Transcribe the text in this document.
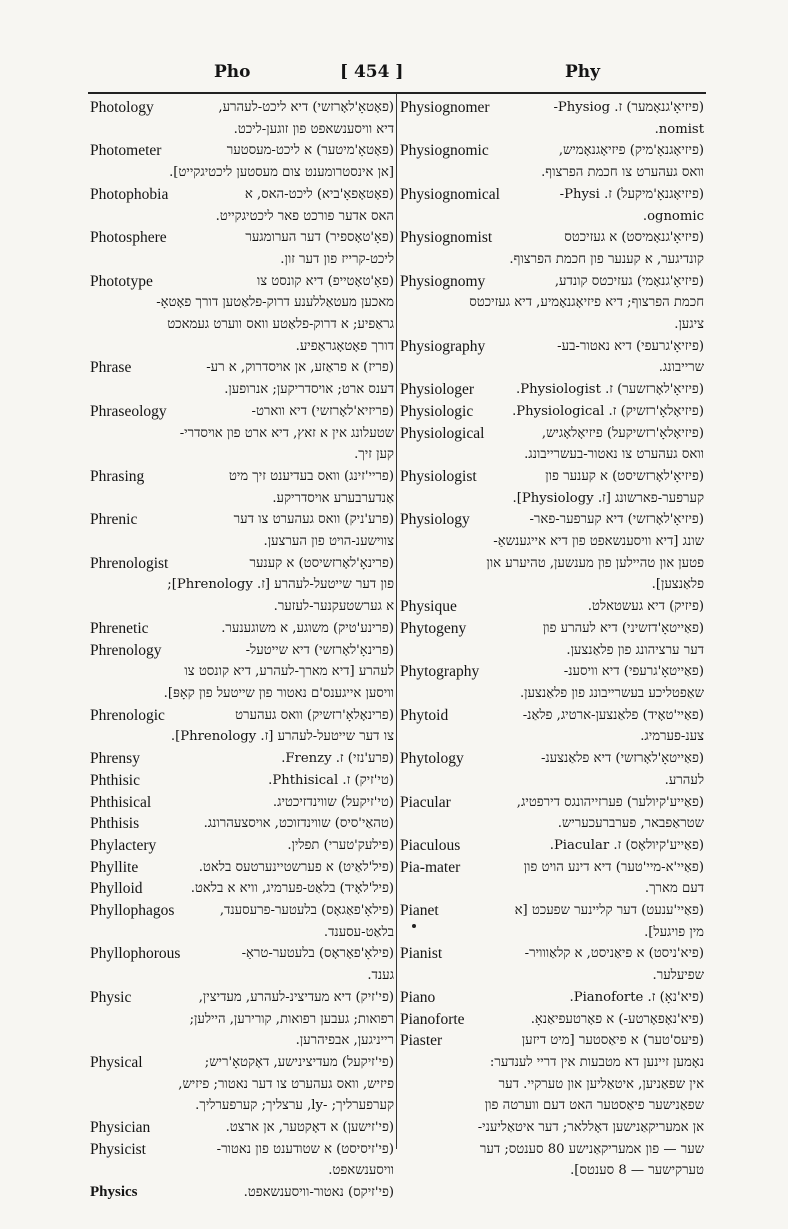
Pho	[ 454 ]	Phy
Photology	(פאָטאָ'לאָרזשי) דיא ליכט-לעהרע,
דיא וויסענשאפט פון זוגען-ליכט.
Photometer	(פאָטאָ'מיטער) א ליכט-מעסטער
[אן אינסטרומענט צום מעסטען ליכטיגקייט].
Photophobia	(פאָטאָפאָ'ביא) ליכט-האס, א
האס אדער פורכט פאר ליכטיגקייט.
Photosphere	(פאָ'טאָספיר) דער הערומגער
ליכט-קרייז פון דער זון.
Phototype	(פאָ'טאָטייפ) דיא קונסט צו
מאכען מעטאַללענע דרוק-פלאַטען דורך פאָטאָ-
גראַפיע; א דרוק-פלאַטע וואס ווערט געמאכט
דורך פאָטאָגראַפיע.
Phrase	(פריז) א פראַזע, אן אויסדרוק, א רע-
דענס ארט; אויסדריקען; אנרופען.
Phraseology	(פריזיא'לאָרזשי) דיא ווארט-
שטעלונג אין א זאץ, דיא ארט פון אויסדרי-
קען זיך.
Phrasing	(פריי'זינג) וואס בעדיענט זיך מיט
אַנדערבערע אויסדריקע.
Phrenic	(פרע'ניק) וואס געהערט צו דער
צווישענ-הויט פון הערצען.
Phrenologist	(פרינאָ'לאָרזשיסט) א קענער
פון דער שייטעל-לעהרע [ז. Phrenology];
א גערשטעקנער-לעזער.
Phrenetic	(פרינע'טיק) משוגע, א משוגענער.
Phrenology	(פרינאָ'לאָרזשי) דיא שייטעל-
לעהרע [דיא מארך-לעהרע, דיא קונסט צו
וויסען אייגענס'ם נאטור פון שייטעל פון קאָפּ].
Phrenologic	(פרינאָלאָ'רזשיק) וואס געהערט
צו דער שייטעל-לעהרע [ז. Phrenology].
Phrensy	(פרע'נזי) ז. Frenzy.
Phthisic	(טי'זיק) ז. Phthisical.
Phthisical	(טי'זיקעל) שווינדזיכטיג.
Phthisis	(טהאַי'סיס) שווינדזוכט, אויסצעהרונג.
Phylactery	(פילעק'טערי) תפלין.
Phyllite	(פיל'לאַיט) א פערשטיינערטעס בלאט.
Phylloid	(פיל'לאָיד) בלאַט-פערמיג, וויא א בלאט.
Phyllophagos	(פילאָ'פאַגאָס) בלעטער-פרעסענד,
בלאַט-עסענד.
Phyllophorous	(פילאָ'פאָראָס) בלעטער-טראַ-
גענד.
Physic	(פי'זיק) דיא מעדיצינ-לעהרע, מעדיצין,
רפואות; געבען רפואות, קורירען, היילען;
רייניגען, אבפיהרען.
Physical	(פי'זיקעל) מעדיצינישע, דאָקטאָ'ריש;
פיזיש, וואס געהערט צו דער נאטור; פיזיש,
קערפערליך; -ly, ערצליך; קערפערליך.
Physician	(פי'זישען) א דאָקטער, אן ארצט.
Physicist	(פי'זיסיסט) א שטודענט פון נאטור-
וויסענשאפט.
Physics	(פי'זיקס) נאטור-וויסענשאפט.
Physiognomer	(פיזיאָ'גנאָמער) ז. Physiog-
nomist.
Physiognomic	(פיזיאָגנאָ'מיק) פיזיאָגנאָמיש,
וואס געהערט צו חכמת הפרצוף.
Physiognomical	(פיזיאָגנאָ'מיקעל) ז. Physi-
ognomic.
Physiognomist	(פיזיאָ'גנאָמיסט) א געזיכטס
קונדיגער, א קענער פון חכמת הפרצוף.
Physiognomy	(פיזיאָ'גנאָמי) געזיכטס קונדע,
חכמת הפרצוף; דיא פיזיאָגנאָמיע, דיא געזיכטס
ציגען.
Physiography	(פיזיאָ'גרעפי) דיא נאטור-בע-
שרייבונג.
Physiologer	(פיזיאָ'לאָרזשער) ז. Physiologist.
Physiologic	(פיזיאָלאָ'רזשיק) ז. Physiological.
Physiological	(פיזיאָלאָ'רזשיקעל) פיזיאָלאָגיש,
וואס געהערט צו נאטור-בעשרייבונג.
Physiologist	(פיזיאָ'לאָרזשיסט) א קענער פון
קערפער-פארשונג [ז. Physiology].
Physiology	(פיזיאָ'לאָרזשי) דיא קערפער-פאר-
שונג [דיא וויסענשאפט פון דיא אייגענשאַ-
פטען און טהיילען פון מענשען, טהיערע און
פלאַנצען].
Physique	(פיזיק) דיא געשטאלט.
Phytogeny	(פאַייטאָ'דזשיני) דיא לעהרע פון
דער ערציהונג פון פלאַנצען.
Phytography	(פאַייטאָ'גרעפי) דיא וויסענ-
שאַפטליכע בעשרייבונג פון פלאַנצען.
Phytoid	(פאַיי'טאָיד) פלאַנצען-ארטיג, פלאַנ-
צענ-פערמיג.
Phytology	(פאַייטאָ'לאָרזשי) דיא פלאַנצענ-
לעהרע.
Piacular	(פאַייע'קיולער) פערזייהונגס דירפטיג,
שטראַפבאר, פערברעכעריש.
Piaculous	(פאַייע'קיולאָס) ז. Piacular.
Pia-mater	(פאַיי'א-מיי'טער) דיא דינע הויט פון
דעם מארך.
Pianet	(פאַיי'ענעט) דער קליינער שפעכט [א
מין פויגעל].
Pianist	(פיא'ניסט) א פיאַניסט, א קלאַווויר-
שפיעלער.
Piano	(פיא'נאָ) ז. Pianoforte.
Pianoforte	(פיא'נאָפאָרטע-) א פאָרטעפיאַנאָ.
Piaster	(פיעס'טער) א פיאַסטער [מיט דיזען
נאָמען זיינען דא מטבעות אין דריי לענדער:
אין שפאַניען, איטאַליען און טערקיי. דער
שפאַנישער פיאַסטער האט דעם ווערטה פון
אן אמעריקאַנישען דאָללאר; דער איטאַליעני-
שער — פון אמעריקאַנישע 80 סענטס; דער
טערקישער — 8 סענטס].
